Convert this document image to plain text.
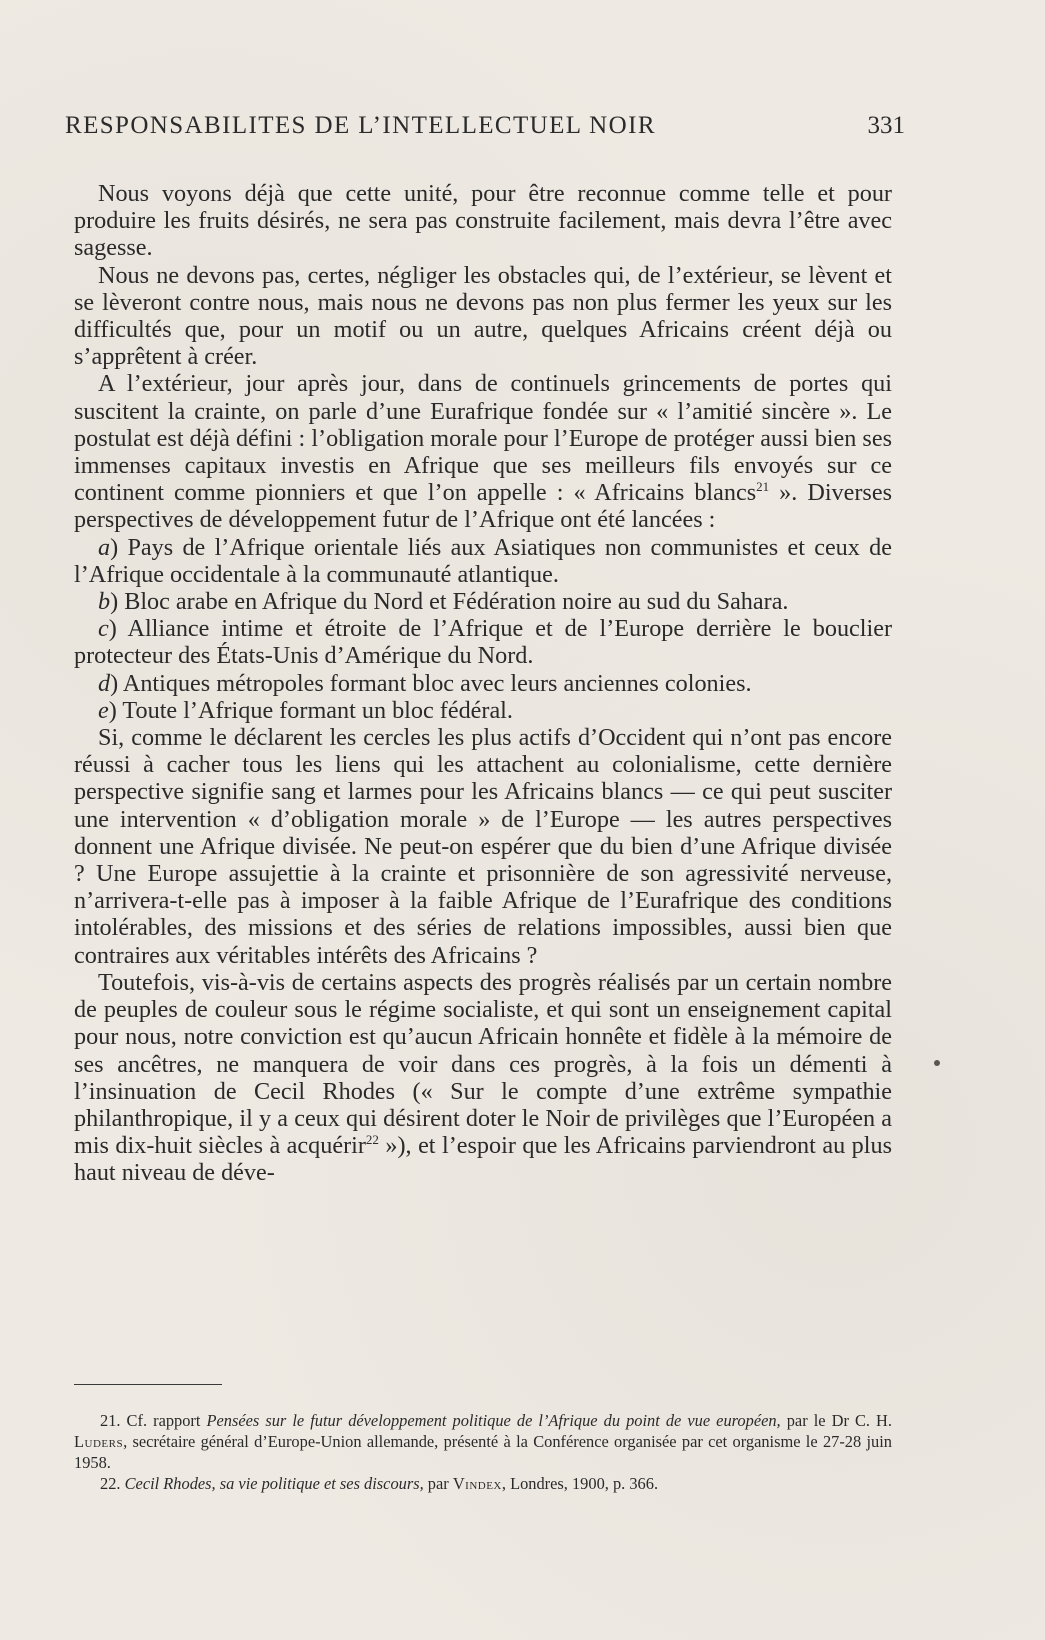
RESPONSABILITES DE L’INTELLECTUEL NOIR	331

Nous voyons déjà que cette unité, pour être reconnue comme telle et pour produire les fruits désirés, ne sera pas construite facilement, mais devra l’être avec sagesse.

Nous ne devons pas, certes, négliger les obstacles qui, de l’extérieur, se lèvent et se lèveront contre nous, mais nous ne devons pas non plus fermer les yeux sur les difficultés que, pour un motif ou un autre, quelques Africains créent déjà ou s’apprêtent à créer.

A l’extérieur, jour après jour, dans de continuels grincements de portes qui suscitent la crainte, on parle d’une Eurafrique fondée sur « l’amitié sincère ». Le postulat est déjà défini : l’obligation morale pour l’Europe de protéger aussi bien ses immenses capitaux investis en Afrique que ses meilleurs fils envoyés sur ce continent comme pionniers et que l’on appelle : « Africains blancs$^{21}$ ». Diverses perspectives de développement futur de l’Afrique ont été lancées :

a) Pays de l’Afrique orientale liés aux Asiatiques non communistes et ceux de l’Afrique occidentale à la communauté atlantique.

b) Bloc arabe en Afrique du Nord et Fédération noire au sud du Sahara.

c) Alliance intime et étroite de l’Afrique et de l’Europe derrière le bouclier protecteur des États-Unis d’Amérique du Nord.

d) Antiques métropoles formant bloc avec leurs anciennes colonies.

e) Toute l’Afrique formant un bloc fédéral.

Si, comme le déclarent les cercles les plus actifs d’Occident qui n’ont pas encore réussi à cacher tous les liens qui les attachent au colonialisme, cette dernière perspective signifie sang et larmes pour les Africains blancs — ce qui peut susciter une intervention « d’obligation morale » de l’Europe — les autres perspectives donnent une Afrique divisée. Ne peut-on espérer que du bien d’une Afrique divisée ? Une Europe assujettie à la crainte et prisonnière de son agressivité nerveuse, n’arrivera-t-elle pas à imposer à la faible Afrique de l’Eurafrique des conditions intolérables, des missions et des séries de relations impossibles, aussi bien que contraires aux véritables intérêts des Africains ?

Toutefois, vis-à-vis de certains aspects des progrès réalisés par un certain nombre de peuples de couleur sous le régime socialiste, et qui sont un enseignement capital pour nous, notre conviction est qu’aucun Africain honnête et fidèle à la mémoire de ses ancêtres, ne manquera de voir dans ces progrès, à la fois un démenti à l’insinuation de Cecil Rhodes (« Sur le compte d’une extrême sympathie philanthropique, il y a ceux qui désirent doter le Noir de privilèges que l’Européen a mis dix-huit siècles à acquérir$^{22}$ »), et l’espoir que les Africains parviendront au plus haut niveau de déve-

21. Cf. rapport Pensées sur le futur développement politique de l’Afrique du point de vue européen, par le Dr C. H. Luders, secrétaire général d’Europe-Union allemande, présenté à la Conférence organisée par cet organisme le 27-28 juin 1958.

22. Cecil Rhodes, sa vie politique et ses discours, par Vindex, Londres, 1900, p. 366.
